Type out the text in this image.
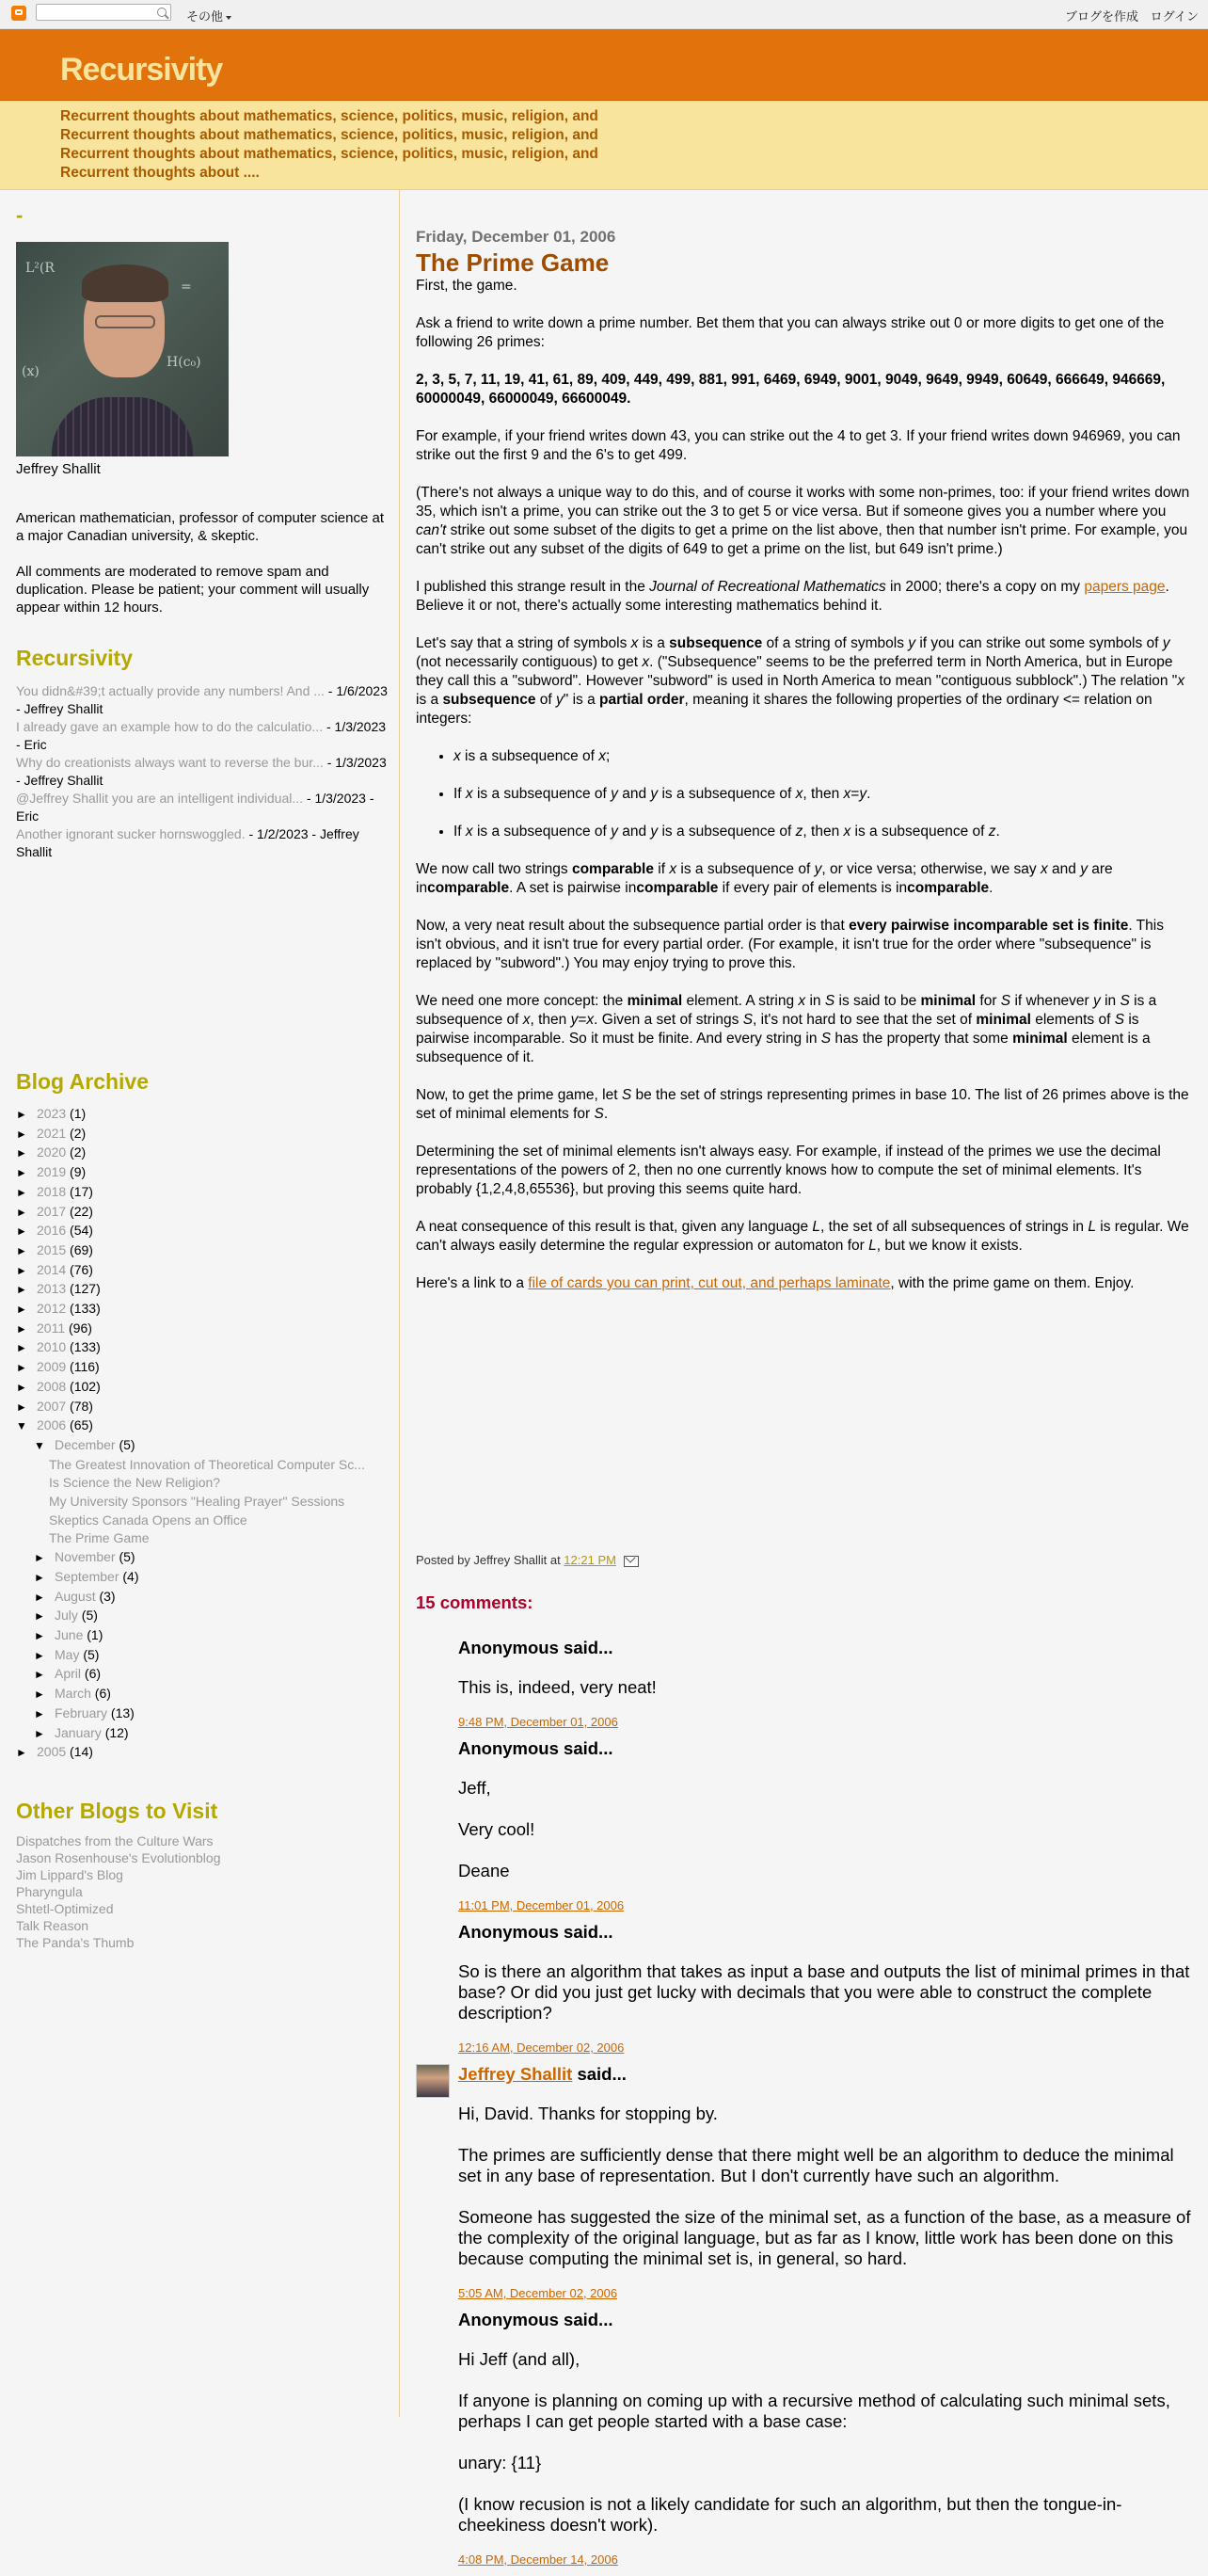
その他	ブログを作成 ログイン
Recursivity

Recurrent thoughts about mathematics, science, politics, music, religion, and
Recurrent thoughts about mathematics, science, politics, music, religion, and
Recurrent thoughts about mathematics, science, politics, music, religion, and
Recurrent thoughts about ....

-
L²(R
H(c₀)
(x)
=
Jeffrey Shallit

American mathematician, professor of computer science at a major Canadian university, & skeptic.

All comments are moderated to remove spam and duplication. Please be patient; your comment will usually appear within 12 hours.

Recursivity
You didn&#39;t actually provide any numbers! And ... - 1/6/2023 - Jeffrey Shallit
I already gave an example how to do the calculatio... - 1/3/2023 - Eric
Why do creationists always want to reverse the bur... - 1/3/2023 - Jeffrey Shallit
@Jeffrey Shallit you are an intelligent individual... - 1/3/2023 - Eric
Another ignorant sucker hornswoggled. - 1/2/2023 - Jeffrey Shallit
Blog Archive
► 2023 (1)
► 2021 (2)
► 2020 (2)
► 2019 (9)
► 2018 (17)
► 2017 (22)
► 2016 (54)
► 2015 (69)
► 2014 (76)
► 2013 (127)
► 2012 (133)
► 2011 (96)
► 2010 (133)
► 2009 (116)
► 2008 (102)
► 2007 (78)
▼ 2006 (65)
▼ December (5)
The Greatest Innovation of Theoretical Computer Sc...
Is Science the New Religion?
My University Sponsors "Healing Prayer" Sessions
Skeptics Canada Opens an Office
The Prime Game
► November (5)
► September (4)
► August (3)
► July (5)
► June (1)
► May (5)
► April (6)
► March (6)
► February (13)
► January (12)
► 2005 (14)
Other Blogs to Visit
Dispatches from the Culture Wars
Jason Rosenhouse's Evolutionblog
Jim Lippard's Blog
Pharyngula
Shtetl-Optimized
Talk Reason
The Panda's Thumb
Friday, December 01, 2006
The Prime Game

First, the game.

Ask a friend to write down a prime number. Bet them that you can always strike out 0 or more digits to get one of the following 26 primes:

2, 3, 5, 7, 11, 19, 41, 61, 89, 409, 449, 499, 881, 991, 6469, 6949, 9001, 9049, 9649, 9949, 60649, 666649, 946669, 60000049, 66000049, 66600049.

For example, if your friend writes down 43, you can strike out the 4 to get 3. If your friend writes down 946969, you can strike out the first 9 and the 6's to get 499.

(There's not always a unique way to do this, and of course it works with some non-primes, too: if your friend writes down 35, which isn't a prime, you can strike out the 3 to get 5 or vice versa. But if someone gives you a number where you can't strike out some subset of the digits to get a prime on the list above, then that number isn't prime. For example, you can't strike out any subset of the digits of 649 to get a prime on the list, but 649 isn't prime.)

I published this strange result in the Journal of Recreational Mathematics in 2000; there's a copy on my papers page. Believe it or not, there's actually some interesting mathematics behind it.

Let's say that a string of symbols x is a subsequence of a string of symbols y if you can strike out some symbols of y (not necessarily contiguous) to get x. ("Subsequence" seems to be the preferred term in North America, but in Europe they call this a "subword". However "subword" is used in North America to mean "contiguous subblock".) The relation "x is a subsequence of y" is a partial order, meaning it shares the following properties of the ordinary <= relation on integers:

• x is a subsequence of x;
• If x is a subsequence of y and y is a subsequence of x, then x=y.
• If x is a subsequence of y and y is a subsequence of z, then x is a subsequence of z.

We now call two strings comparable if x is a subsequence of y, or vice versa; otherwise, we say x and y are incomparable. A set is pairwise incomparable if every pair of elements is incomparable.

Now, a very neat result about the subsequence partial order is that every pairwise incomparable set is finite. This isn't obvious, and it isn't true for every partial order. (For example, it isn't true for the order where "subsequence" is replaced by "subword".) You may enjoy trying to prove this.

We need one more concept: the minimal element. A string x in S is said to be minimal for S if whenever y in S is a subsequence of x, then y=x. Given a set of strings S, it's not hard to see that the set of minimal elements of S is pairwise incomparable. So it must be finite. And every string in S has the property that some minimal element is a subsequence of it.

Now, to get the prime game, let S be the set of strings representing primes in base 10. The list of 26 primes above is the set of minimal elements for S.

Determining the set of minimal elements isn't always easy. For example, if instead of the primes we use the decimal representations of the powers of 2, then no one currently knows how to compute the set of minimal elements. It's probably {1,2,4,8,65536}, but proving this seems quite hard.

A neat consequence of this result is that, given any language L, the set of all subsequences of strings in L is regular. We can't always easily determine the regular expression or automaton for L, but we know it exists.

Here's a link to a file of cards you can print, cut out, and perhaps laminate, with the prime game on them. Enjoy.

Posted by Jeffrey Shallit at 12:21 PM
15 comments:
Anonymous said...

This is, indeed, very neat!

9:48 PM, December 01, 2006
Anonymous said...

Jeff,

Very cool!

Deane

11:01 PM, December 01, 2006
Anonymous said...

So is there an algorithm that takes as input a base and outputs the list of minimal primes in that base? Or did you just get lucky with decimals that you were able to construct the complete description?

12:16 AM, December 02, 2006
Jeffrey Shallit said...

Hi, David. Thanks for stopping by.

The primes are sufficiently dense that there might well be an algorithm to deduce the minimal set in any base of representation. But I don't currently have such an algorithm.

Someone has suggested the size of the minimal set, as a function of the base, as a measure of the complexity of the original language, but as far as I know, little work has been done on this because computing the minimal set is, in general, so hard.

5:05 AM, December 02, 2006
Anonymous said...

Hi Jeff (and all),

If anyone is planning on coming up with a recursive method of calculating such minimal sets, perhaps I can get people started with a base case:

unary: {11}

(I know recusion is not a likely candidate for such an algorithm, but then the tongue-in-cheekiness doesn't work).

4:08 PM, December 14, 2006
